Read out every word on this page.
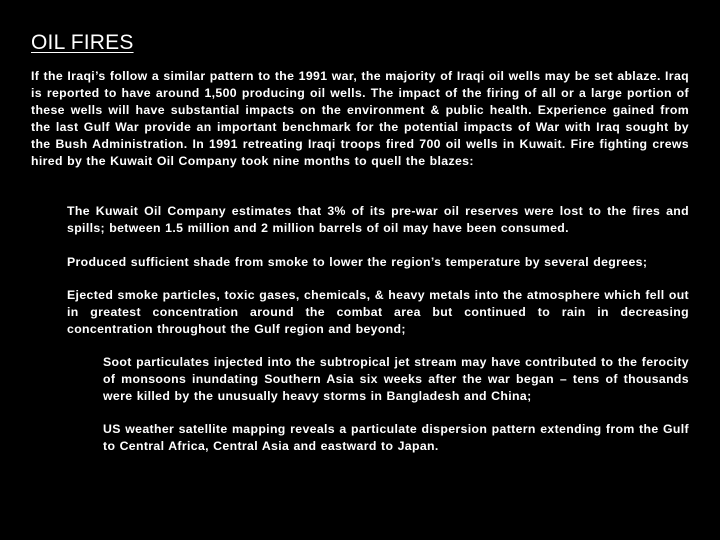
OIL FIRES

If the Iraqi’s follow a similar pattern to the 1991 war, the majority of Iraqi oil wells may be set ablaze. Iraq is reported to have around 1,500 producing oil wells. The impact of the firing of all or a large portion of these wells will have substantial impacts on the environment & public health. Experience gained from the last Gulf War provide an important benchmark for the potential impacts of War with Iraq sought by the Bush Administration. In 1991 retreating Iraqi troops fired 700 oil wells in Kuwait. Fire fighting crews hired by the Kuwait Oil Company took nine months to quell the blazes:

The Kuwait Oil Company estimates that 3% of its pre-war oil reserves were lost to the fires and spills; between 1.5 million and 2 million barrels of oil may have been consumed.

Produced sufficient shade from smoke to lower the region’s temperature by several degrees;

Ejected smoke particles, toxic gases, chemicals, & heavy metals into the atmosphere which fell out in greatest concentration around the combat area but continued to rain in decreasing concentration throughout the Gulf region and beyond;

Soot particulates injected into the subtropical jet stream may have contributed to the ferocity of monsoons inundating Southern Asia six weeks after the war began – tens of thousands were killed by the unusually heavy storms in Bangladesh and China;

US weather satellite mapping reveals a particulate dispersion pattern extending from the Gulf to Central Africa, Central Asia and eastward to Japan.
